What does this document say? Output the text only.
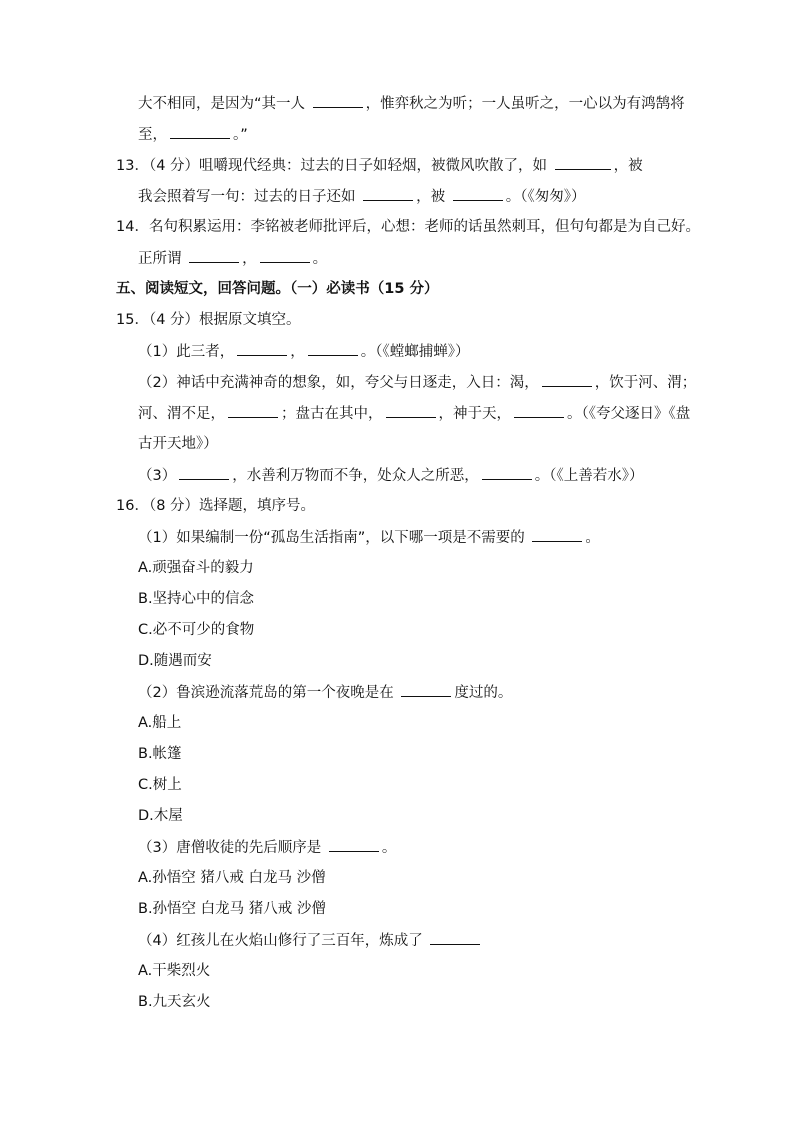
大不相同，是因为“其一人	，惟弈秋之为听；一人虽听之，一心以为有鸿鹄将
至，	。”
13．（4 分）咀嚼现代经典：过去的日子如轻烟，被微风吹散了，如	，被
我会照着写一句：过去的日子还如	，被	。（《匆匆》）
14．名句积累运用：李铭被老师批评后，心想：老师的话虽然刺耳，但句句都是为自己好。
正所谓	，	。
五、阅读短文，回答问题。（一）必读书（15 分）
15．（4 分）根据原文填空。
（1）此三者，	，	。（《螳螂捕蝉》）
（2）神话中充满神奇的想象，如，夸父与日逐走，入日：渴，	，饮于河、渭；
河、渭不足，	；盘古在其中，	，神于天，	。（《夸父逐日》《盘
古开天地》）
（3）	，水善利万物而不争，处众人之所恶，	。（《上善若水》）
16．（8 分）选择题，填序号。
（1）如果编制一份“孤岛生活指南”，以下哪一项是不需要的	。
A.顽强奋斗的毅力
B.坚持心中的信念
C.必不可少的食物
D.随遇而安
（2）鲁滨逊流落荒岛的第一个夜晚是在	度过的。
A.船上
B.帐篷
C.树上
D.木屋
（3）唐僧收徒的先后顺序是	。
A.孙悟空 猪八戒 白龙马 沙僧
B.孙悟空 白龙马 猪八戒 沙僧
（4）红孩儿在火焰山修行了三百年，炼成了
A.干柴烈火
B.九天玄火
